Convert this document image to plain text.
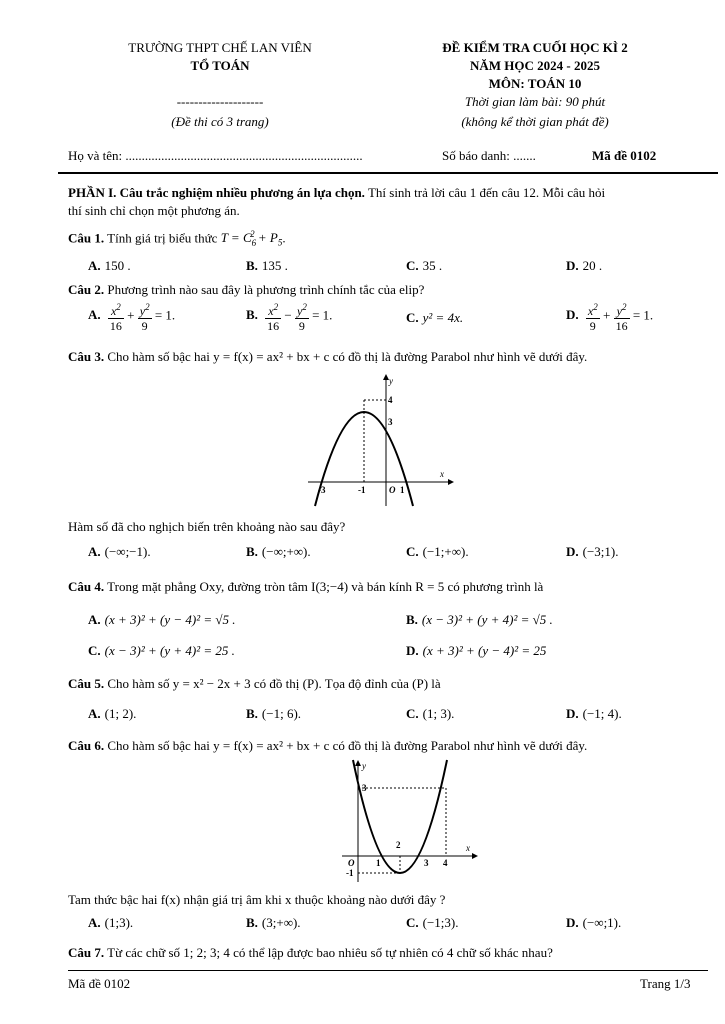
TRƯỜNG THPT CHẾ LAN VIÊN
TỔ TOÁN
--------------------
(Đề thi có 3 trang)
ĐỀ KIỂM TRA CUỐI HỌC KÌ 2
NĂM HỌC 2024 - 2025
MÔN: TOÁN 10
Thời gian làm bài: 90 phút
(không kể thời gian phát đề)
Họ và tên: .........................................................................	Số báo danh: .......	Mã đề 0102
PHẦN I. Câu trắc nghiệm nhiều phương án lựa chọn. Thí sinh trả lời câu 1 đến câu 12. Mỗi câu hỏi
thí sinh chỉ chọn một phương án.
Câu 1. Tính giá trị biểu thức $T = C_6^2 + P_5$.
A. 150 .	B. 135 .	C. 35 .	D. 20 .
Câu 2. Phương trình nào sau đây là phương trình chính tắc của elip?
A. $\frac{x^2}{16} + \frac{y^2}{9} = 1$.	B. $\frac{x^2}{16} - \frac{y^2}{9} = 1$.	C. y² = 4x.	D. $\frac{x^2}{9} + \frac{y^2}{16} = 1$.
Câu 3. Cho hàm số bậc hai y = f(x) = ax² + bx + c có đồ thị là đường Parabol như hình vẽ dưới đây.
x
y
4
3
-3	-1	O 1
Hàm số đã cho nghịch biến trên khoảng nào sau đây?
A. (−∞;−1).	B. (−∞;+∞).	C. (−1;+∞).	D. (−3;1).
Câu 4. Trong mặt phẳng Oxy, đường tròn tâm I(3;−4) và bán kính R = 5 có phương trình là
A. (x + 3)² + (y − 4)² = √5 .	B. (x − 3)² + (y + 4)² = √5 .
C. (x − 3)² + (y + 4)² = 25 .	D. (x + 3)² + (y − 4)² = 25
Câu 5. Cho hàm số y = x² − 2x + 3 có đồ thị (P). Tọa độ đỉnh của (P) là
A. (1; 2).	B. (−1; 6).	C. (1; 3).	D. (−1; 4).
Câu 6. Cho hàm số bậc hai y = f(x) = ax² + bx + c có đồ thị là đường Parabol như hình vẽ dưới đây.
x
y
3
-1
O 1
2
3 4
Tam thức bậc hai f(x) nhận giá trị âm khi x thuộc khoảng nào dưới đây ?
A. (1;3).	B. (3;+∞).	C. (−1;3).	D. (−∞;1).
Câu 7. Từ các chữ số 1; 2; 3; 4 có thể lập được bao nhiêu số tự nhiên có 4 chữ số khác nhau?
Mã đề 0102	Trang 1/3
